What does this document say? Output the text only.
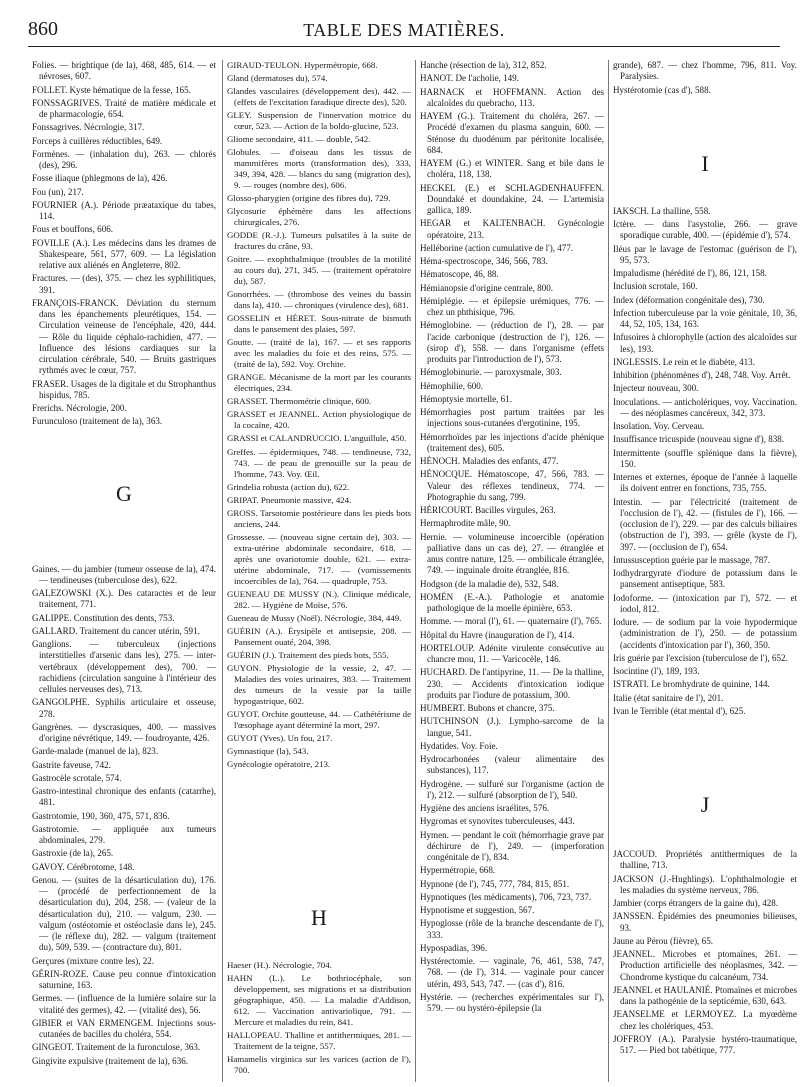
860	TABLE DES MATIÈRES.

Folies. — brightique (de la), 468, 485, 614. — et névroses, 607.

FOLLET. Kyste hématique de la fesse, 165.

FONSSAGRIVES. Traité de matière médicale et de pharmacologie, 654.

Fonssagrives. Nécrologie, 317.

Forceps à cuillères réductibles, 649.

Formènes. — (inhalation du), 263. — chlorés (des), 296.

Fosse iliaque (phlegmons de la), 426.

Fou (un), 217.

FOURNIER (A.). Période præataxique du tabes, 114.

Fous et bouffons, 606.

FOVILLE (A.). Les médecins dans les drames de Shakespeare, 561, 577, 609. — La législation relative aux aliénés en Angleterre, 802.

Fractures. — (des), 375. — chez les syphilitiques, 391.

FRANÇOIS-FRANCK. Déviation du sternum dans les épanchements pleurétiques, 154. — Circulation veineuse de l'encéphale, 420, 444. — Rôle du liquide céphalo-rachidien, 477. — Influence des lésions cardiaques sur la circulation cérébrale, 540. — Bruits gastriques rythmés avec le cœur, 757.

FRASER. Usages de la digitale et du Strophanthus hispidus, 785.

Frerichs. Nécrologie, 200.

Furunculoso (traitement de la), 363.

G

Gaines. — du jambier (tumeur osseuse de la), 474. — tendineuses (tuberculose des), 622.

GALEZOWSKI (X.). Des cataractes et de leur traitement, 771.

GALIPPE. Constitution des dents, 753.

GALLARD. Traitement du cancer utérin, 591.

Ganglions. — tuberculeux (injections interstitielles d'arsenic dans les), 275. — inter-vertébraux (développement des), 700. — rachidiens (circulation sanguine à l'intérieur des cellules nerveuses des), 713.

GANGOLPHE. Syphilis articulaire et osseuse, 278.

Gangrènes. — dyscrasiques, 400. — massives d'origine névrétique, 149. — foudroyante, 426.

Garde-malade (manuel de la), 823.

Gastrite faveuse, 742.

Gastrocèle scrotale, 574.

Gastro-intestinal chronique des enfants (catarrhe), 481.

Gastrotomie, 190, 360, 475, 571, 836.

Gastrotomie. — appliquée aux tumeurs abdominales, 279.

Gastroxie (de la), 265.

GAVOY. Cérébrotome, 148.

Genou. — (suites de la désarticulation du), 176. — (procédé de perfectionnement de la désarticulation du), 204, 258. — (valeur de la désarticulation du), 210. — valgum, 230. — valgum (ostéotomie et ostéoclasie dans le), 245. — (le réflexe du), 282. — valgum (traitement du), 509, 539. — (contracture du), 801.

Gerçures (mixture contre les), 22.

GÉRIN-ROZE. Cause peu connue d'intoxication saturnine, 163.

Germes. — (influence de la lumière solaire sur la vitalité des germes), 42. — (vitalité des), 56.

GIBIER et VAN ERMENGEM. Injections sous-cutanées de bacilles du choléra, 554.

GINGEOT. Traitement de la furonculose, 363.

Gingivite expulsive (traitement de la), 636.

GIRAUD-TEULON. Hypermétropie, 668.

Gland (dermatoses du), 574.

Glandes vasculaires (développement des), 442. — (effets de l'excitation faradique directe des), 520.

GLEY. Suspension de l'innervation motrice du cœur, 523. — Action de la boldo-glucine, 523.

Gliome secondaire, 411. — double, 542.

Globules. — d'oiseau dans les tissus de mammifères morts (transformation des), 333, 349, 394, 428. — blancs du sang (migration des), 9. — rouges (nombre des), 606.

Glosso-pharygien (origine des fibres du), 729.

Glycosurie éphémère dans les affections chirurgicales, 276.

GODDE (R.-J.). Tumeurs pulsatiles à la suite de fractures du crâne, 93.

Goitre. — exophthalmique (troubles de la motilité au cours du), 271, 345. — (traitement opératoire du), 587.

Gonorrhées. — (thrombose des veines du bassin dans la), 410. — chroniques (virulence des), 681.

GOSSELIN et HÉRET. Sous-nitrate de bismuth dans le pansement des plaies, 597.

Goutte. — (traité de la), 167. — et ses rapports avec les maladies du foie et des reins, 575. — (traité de la), 592. Voy. Orchite.

GRANGE. Mécanisme de la mort par les courants électriques, 234.

GRASSET. Thermométrie clinique, 600.

GRASSET et JEANNEL. Action physiologique de la cocaïne, 420.

GRASSI et CALANDRUCCIO. L'anguillule, 450.

Greffes. — épidermiques, 748. — tendineuse, 732, 743. — de peau de grenouille sur la peau de l'homme, 743. Voy. Œil.

Grindelia robusta (action du), 622.

GRIPAT. Pneumonie massive, 424.

GROSS. Tarsotomie postérieure dans les pieds bots anciens, 244.

Grossesse. — (nouveau signe certain de), 303. — extra-utérine abdominale secondaire, 618. — après une ovariotomie double, 621. — extra-utérine abdominale, 717. — (vomissements incoercibles de la), 764. — quadruple, 753.

GUENEAU DE MUSSY (N.). Clinique médicale, 282. — Hygiène de Moïse, 576.

Gueneau de Mussy (Noël). Nécrologie, 384, 449.

GUÉRIN (A.). Érysipèle et antisepsie, 208. — Pansement ouaté, 204, 398.

GUÉRIN (J.). Traitement des pieds bots, 555.

GUYON. Physiologie de la vessie, 2, 47. — Maladies des voies urinaires, 383. — Traitement des tumeurs de la vessie par la taille hypogastrique, 602.

GUYOT. Orchite goutteuse, 44. — Cathétérisme de l'œsophage ayant déterminé la mort, 297.

GUYOT (Yves). Un fou, 217.

Gymnastique (la), 543.

Gynécologie opératoire, 213.

H

Haeser (H.). Nécrologie, 704.

HAHN (L.). Le bothriocéphale, son développement, ses migrations et sa distribution géographique, 450. — La maladie d'Addison, 612. — Vaccination antivariolique, 791. — Mercure et maladies du rein, 841.

HALLOPEAU. Thalline et antithermiques, 281. — Traitement de la teigne, 557.

Hamamelis virginica sur les varices (action de l'), 700.

Hanche (résection de la), 312, 852.

HANOT. De l'acholie, 149.

HARNACK et HOFFMANN. Action des alcaloïdes du quebracho, 113.

HAYEM (G.). Traitement du choléra, 267. — Procédé d'examen du plasma sanguin, 600. — Sténose du duodénum par péritonite localisée, 684.

HAYEM (G.) et WINTER. Sang et bile dans le choléra, 118, 138.

HECKEL (E.) et SCHLAGDENHAUFFEN. Doundaké et doundakine, 24. — L'artemisia gallica, 189.

HEGAR et KALTENBACH. Gynécologie opératoire, 213.

Helléborine (action cumulative de l'), 477.

Héma-spectroscope, 346, 566, 783.

Hématoscope, 46, 88.

Hémianopsie d'origine centrale, 800.

Hémiplégie. — et épilepsie urémiques, 776. — chez un phthisique, 796.

Hémoglobine. — (réduction de l'), 28. — par l'acide carbonique (destruction de l'), 126. — (sirop d'), 558. — dans l'organisme (effets produits par l'introduction de l'), 573.

Hémoglobinurie. — paroxysmale, 303.

Hémophilie, 600.

Hémoptysie mortelle, 61.

Hémorrhagies post partum traitées par les injections sous-cutanées d'ergotinine, 195.

Hémorrhoïdes par les injections d'acide phénique (traitement des), 605.

HÉNOCH. Maladies des enfants, 477.

HÉNOCQUE. Hématoscope, 47, 566, 783. — Valeur des réflexes tendineux, 774. — Photographie du sang, 799.

HÉRICOURT. Bacilles virgules, 263.

Hermaphrodite mâle, 90.

Hernie. — volumineuse incoercible (opération palliative dans un cas de), 27. — étranglée et anus contre nature, 125. — ombilicale étranglée, 749. — inguinale droite étranglée, 816.

Hodgson (de la maladie de), 532, 548.

HOMÉN (E.-A.). Pathologie et anatomie pathologique de la moelle épinière, 653.

Homme. — moral (l'), 61. — quaternaire (l'), 765.

Hôpital du Havre (inauguration de l'), 414.

HORTELOUP. Adénite virulente consécutive au chancre mou, 11. — Varicocèle, 146.

HUCHARD. De l'antipyrine, 11. — De la thalline, 230. — Accidents d'intoxication iodique produits par l'iodure de potassium, 300.

HUMBERT. Bubons et chancre, 375.

HUTCHINSON (J.). Lympho-sarcome de la langue, 541.

Hydatides. Voy. Foie.

Hydrocarbonées (valeur alimentaire des substances), 117.

Hydrogène. — sulfuré sur l'organisme (action de l'), 212. — sulfuré (absorption de l'), 540.

Hygiène des anciens israélites, 576.

Hygromas et synovites tuberculeuses, 443.

Hymen. — pendant le coït (hémorrhagie grave par déchirure de l'), 249. — (imperforation congénitale de l'), 834.

Hypermétropie, 668.

Hypnone (de l'), 745, 777, 784, 815, 851.

Hypnotiques (les médicaments), 706, 723, 737.

Hypnotisme et suggestion, 567.

Hypoglosse (rôle de la branche descendante de l'), 333.

Hypospadias, 396.

Hystérectomie. — vaginale, 76, 461, 538, 747, 768. — (de l'), 314. — vaginale pour cancer utérin, 493, 543, 747. — (cas d'), 816.

Hystérie. — (recherches expérimentales sur l'), 579. — ou hystéro-épilepsie (la

grande), 687. — chez l'homme, 796, 811. Voy. Paralysies.

Hystérotomie (cas d'), 588.

I

IAKSCH. La thalline, 558.

Ictère. — dans l'asystolie, 266. — grave sporadique curable, 400. — (épidémie d'), 574.

Iléus par le lavage de l'estomac (guérison de l'), 95, 573.

Impaludisme (hérédité de l'), 86, 121, 158.

Inclusion scrotale, 160.

Index (déformation congénitale des), 730.

Infection tuberculeuse par la voie génitale, 10, 36, 44, 52, 105, 134, 163.

Infusoires à chlorophylle (action des alcaloïdes sur les), 193.

INGLESSIS. Le rein et le diabète, 413.

Inhibition (phénomènes d'), 248, 748. Voy. Arrêt.

Injecteur nouveau, 300.

Inoculations. — anticholériques, voy. Vaccination. — des néoplasmes cancéreux, 342, 373.

Insolation. Voy. Cerveau.

Insuffisance tricuspide (nouveau signe d'), 838.

Intermittente (souffle splénique dans la fièvre), 150.

Internes et externes, époque de l'année à laquelle ils doivent entrer en fonctions, 735, 755.

Intestin. — par l'électricité (traitement de l'occlusion de l'), 42. — (fistules de l'), 166. — (occlusion de l'), 229. — par des calculs biliaires (obstruction de l'), 393. — grêle (kyste de l'), 397. — (occlusion de l'), 654.

Intussusception guérie par le massage, 787.

Iodhydrargyrate d'iodure de potassium dans le pansement antiseptique, 583.

Iodoforme. — (intoxication par l'), 572. — et iodol, 812.

Iodure. — de sodium par la voie hypodermique (administration de l'), 250. — de potassium (accidents d'intoxication par l'), 360, 350.

Iris guérie par l'excision (tuberculose de l'), 652.

Isocintine (l'), 189, 193.

ISTRATI. Le bromhydrate de quinine, 144.

Italie (état sanitaire de l'), 201.

Ivan le Terrible (état mental d'), 625.

J

JACCOUD. Propriétés antithermiques de la thalline, 713.

JACKSON (J.-Hughlings). L'ophthalmologie et les maladies du système nerveux, 786.

Jambier (corps étrangers de la gaine du), 428.

JANSSEN. Épidémies des pneumonies bilieuses, 93.

Jaune au Pérou (fièvre), 65.

JEANNEL. Microbes et ptomaïnes, 261. — Production artificielle des néoplasmes, 342. — Chondrome kystique du calcanéum, 734.

JEANNEL et HAULANIÉ. Ptomaïnes et microbes dans la pathogénie de la septicémie, 630, 643.

JEANSELME et LERMOYEZ. La myœdème chez les cholériques, 453.

JOFFROY (A.). Paralysie hystéro-traumatique, 517. — Pied bot tabétique, 777.
